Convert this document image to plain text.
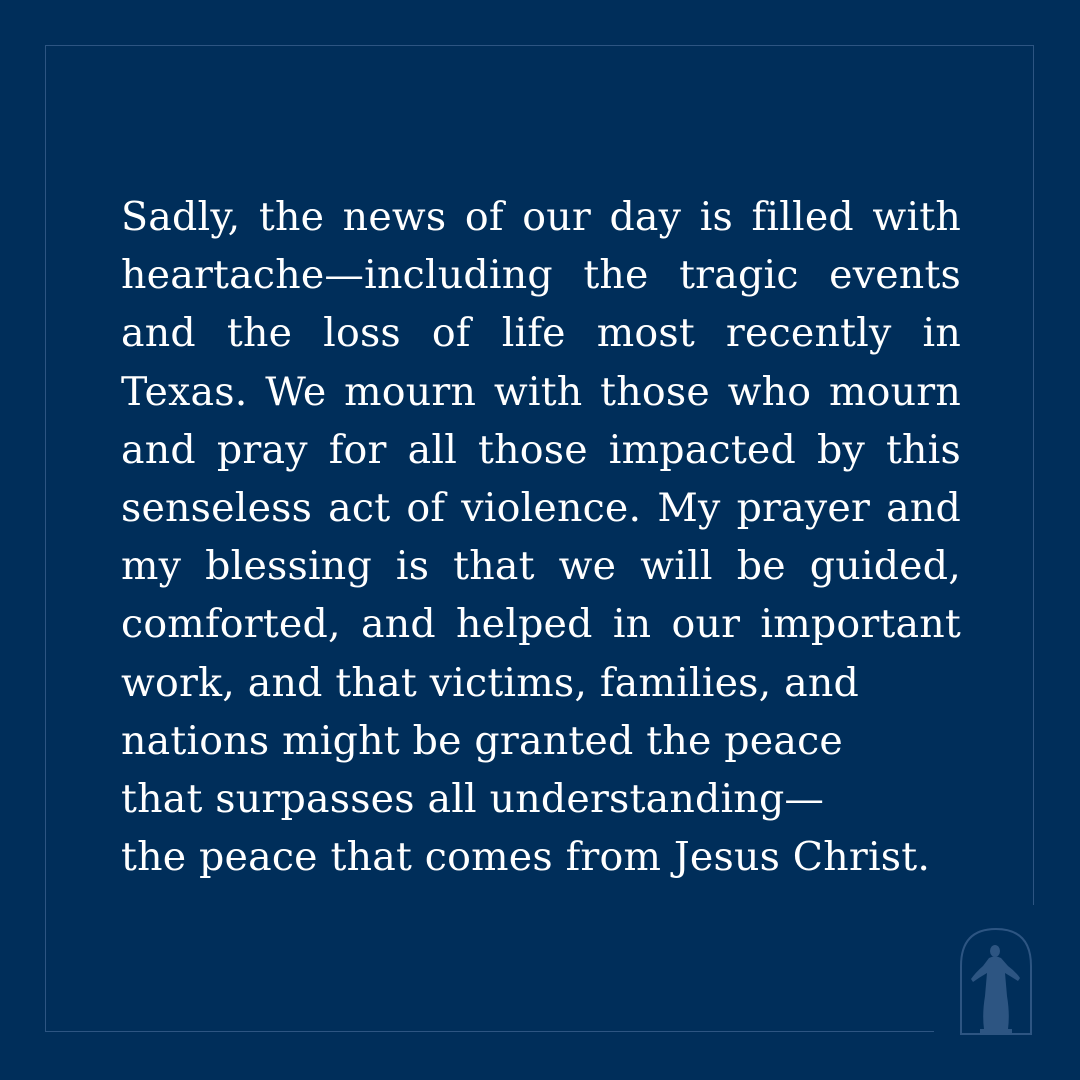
Sadly, the news of our day is filled with
heartache—including the tragic events
and the loss of life most recently in
Texas. We mourn with those who mourn
and pray for all those impacted by this
senseless act of violence. My prayer and
my blessing is that we will be guided,
comforted, and helped in our important
work, and that victims, families, and
nations might be granted the peace
that surpasses all understanding—
the peace that comes from Jesus Christ.
